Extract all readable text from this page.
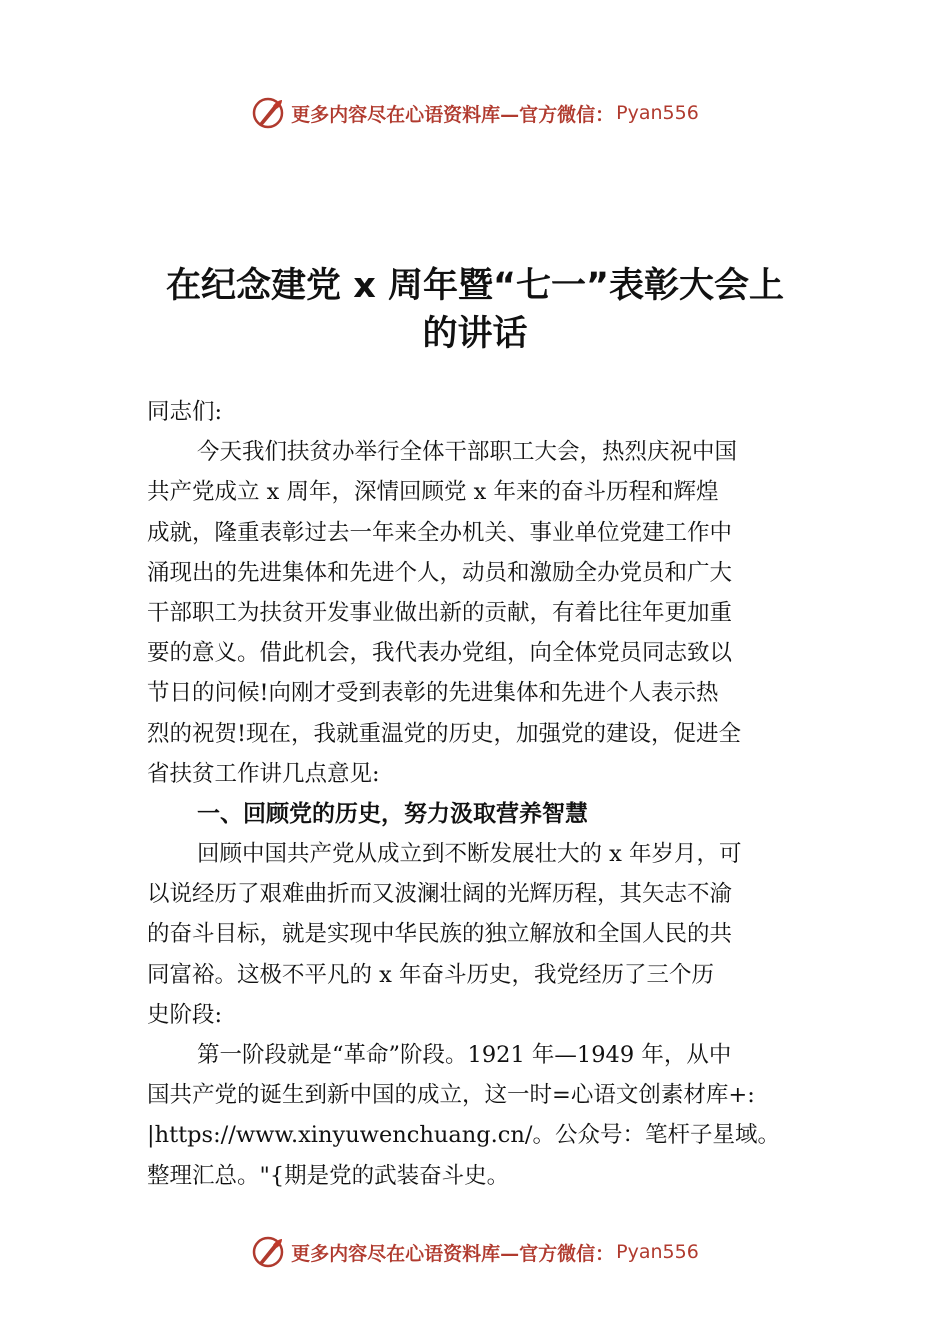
更多内容尽在心语资料库—官方微信： Pyan556
在纪念建党 x 周年暨“七一”表彰大会上
的讲话
同志们:
今天我们扶贫办举行全体干部职工大会，热烈庆祝中国
共产党成立 x 周年，深情回顾党 x 年来的奋斗历程和辉煌
成就，隆重表彰过去一年来全办机关、事业单位党建工作中
涌现出的先进集体和先进个人，动员和激励全办党员和广大
干部职工为扶贫开发事业做出新的贡献，有着比往年更加重
要的意义。借此机会，我代表办党组，向全体党员同志致以
节日的问候!向刚才受到表彰的先进集体和先进个人表示热
烈的祝贺!现在，我就重温党的历史，加强党的建设，促进全
省扶贫工作讲几点意见:
一、回顾党的历史，努力汲取营养智慧
回顾中国共产党从成立到不断发展壮大的 x 年岁月，可
以说经历了艰难曲折而又波澜壮阔的光辉历程，其矢志不渝
的奋斗目标，就是实现中华民族的独立解放和全国人民的共
同富裕。这极不平凡的 x 年奋斗历史，我党经历了三个历
史阶段:
第一阶段就是“革命”阶段。1921 年—1949 年，从中
国共产党的诞生到新中国的成立，这一时=心语文创素材库+:
|https://www.xinyuwenchuang.cn/。公众号：笔杆子星域。
整理汇总。"{期是党的武装奋斗史。
更多内容尽在心语资料库—官方微信： Pyan556
